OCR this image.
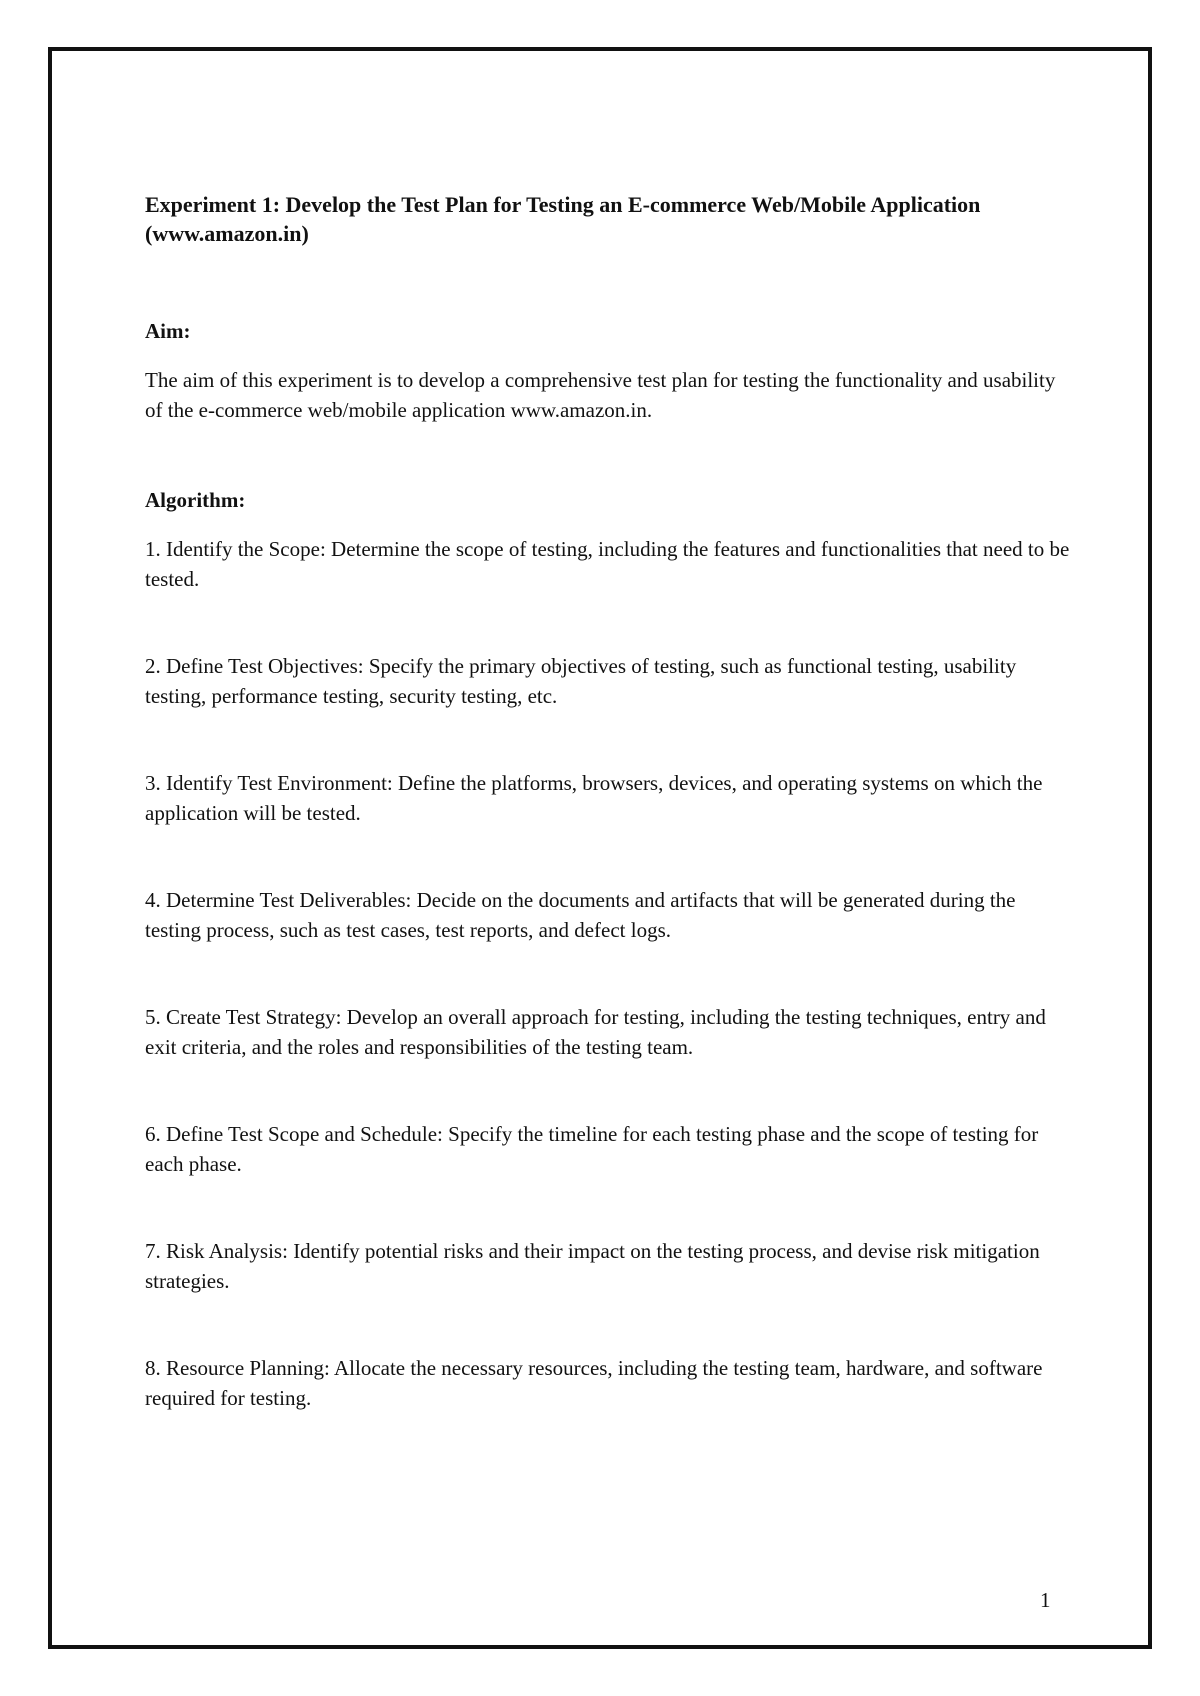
Experiment 1: Develop the Test Plan for Testing an E-commerce Web/Mobile Application (www.amazon.in)

Aim:

The aim of this experiment is to develop a comprehensive test plan for testing the functionality and usability of the e-commerce web/mobile application www.amazon.in.

Algorithm:

1. Identify the Scope: Determine the scope of testing, including the features and functionalities that need to be tested.

2. Define Test Objectives: Specify the primary objectives of testing, such as functional testing, usability testing, performance testing, security testing, etc.

3. Identify Test Environment: Define the platforms, browsers, devices, and operating systems on which the application will be tested.

4. Determine Test Deliverables: Decide on the documents and artifacts that will be generated during the testing process, such as test cases, test reports, and defect logs.

5. Create Test Strategy: Develop an overall approach for testing, including the testing techniques, entry and exit criteria, and the roles and responsibilities of the testing team.

6. Define Test Scope and Schedule: Specify the timeline for each testing phase and the scope of testing for each phase.

7. Risk Analysis: Identify potential risks and their impact on the testing process, and devise risk mitigation strategies.

8. Resource Planning: Allocate the necessary resources, including the testing team, hardware, and software required for testing.

1
